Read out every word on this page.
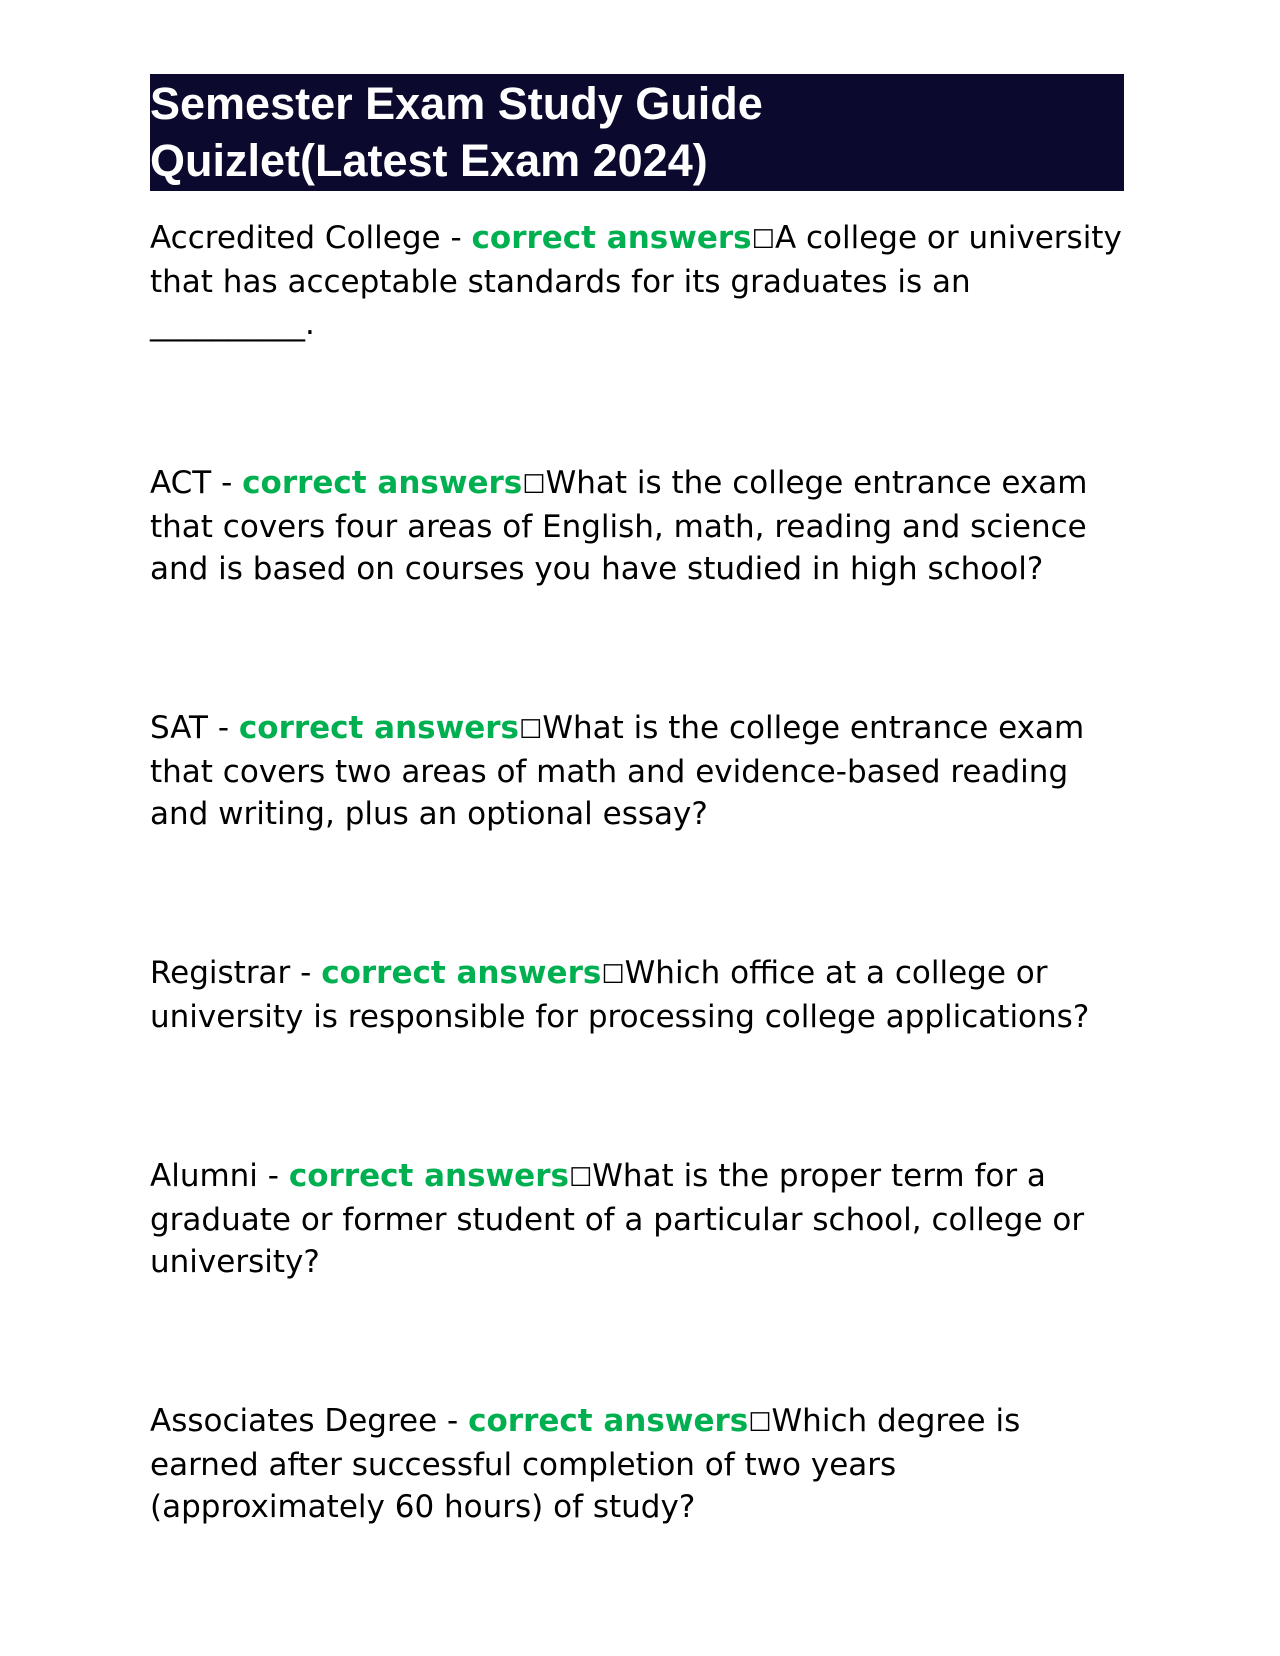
Semester Exam Study Guide
Quizlet(Latest Exam 2024)

Accredited College - correct answers☐A college or university that has acceptable standards for its graduates is an __________.

ACT - correct answers☐What is the college entrance exam that covers four areas of English, math, reading and science and is based on courses you have studied in high school?

SAT - correct answers☐What is the college entrance exam that covers two areas of math and evidence-based reading and writing, plus an optional essay?

Registrar - correct answers☐Which office at a college or university is responsible for processing college applications?

Alumni - correct answers☐What is the proper term for a graduate or former student of a particular school, college or university?

Associates Degree - correct answers☐Which degree is earned after successful completion of two years (approximately 60 hours) of study?
